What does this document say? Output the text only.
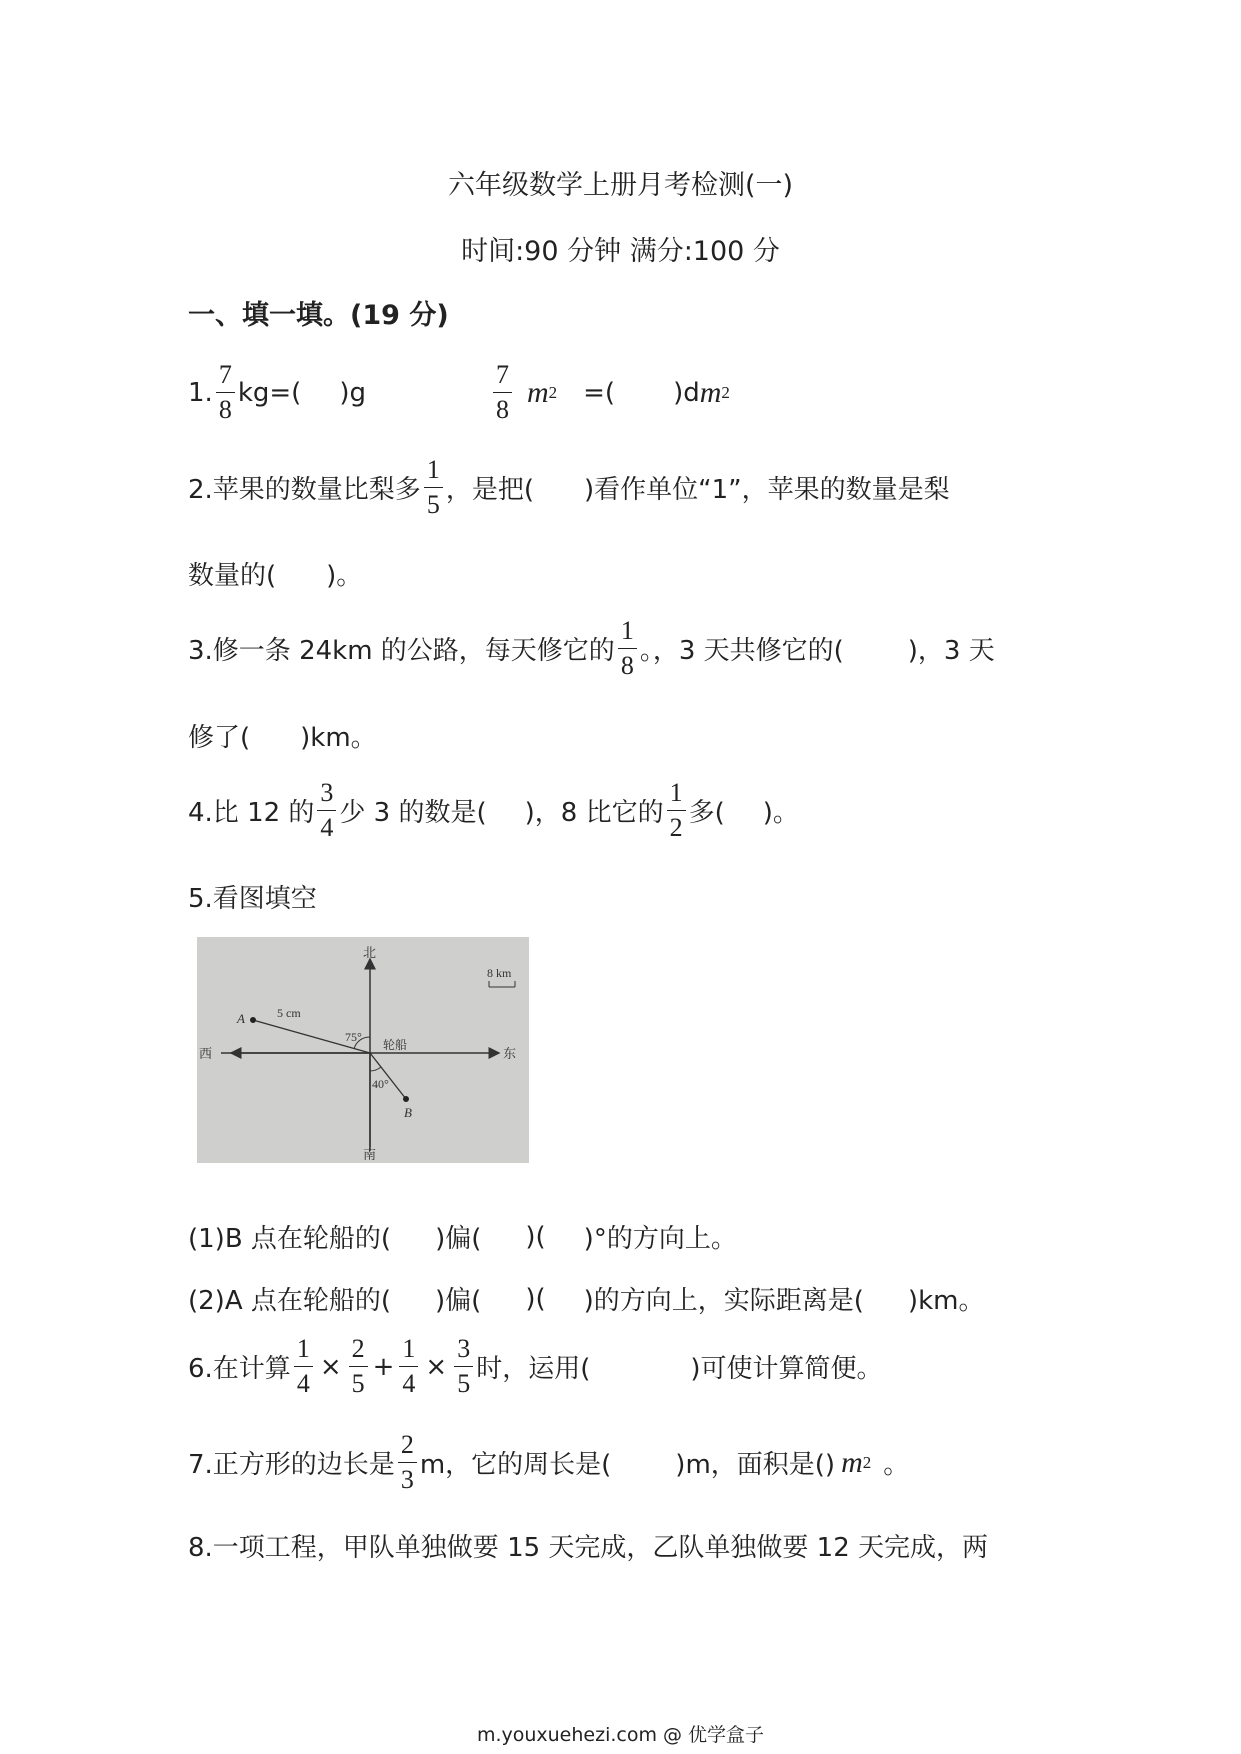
六年级数学上册月考检测(一)
时间:90 分钟 满分:100 分
一、填一填。(19 分)
1. $\frac{7}{8} kg=$( )g	$\frac{7}{8}$ m 2 =( )d m 2
2.苹果的数量比梨多 $\frac{1}{5}$ ，是把( )看作单位“1”，苹果的数量是梨
数量的( )。
3.修一条 24km 的公路，每天修它的 $\frac{1}{8}$ 。，3 天共修它的( )，3 天
修了( )km。
4.比 12 的 $\frac{3}{4}$ 少 3 的数是( )，8 比它的 $\frac{1}{2}$ 多( )。
5.看图填空
北
南
东
西
8 km
A
B
5 cm
75°
40°
轮船
(1)B 点在轮船的( )偏( )( )°的方向上。
(2)A 点在轮船的( )偏( )( )的方向上，实际距离是( )km。
6.在计算 $\frac{1}{4} \times \frac{2}{5} + \frac{1}{4} \times \frac{3}{5}$ 时，运用(	)可使计算简便。
7.正方形的边长是 $\frac{2}{3}$ m，它的周长是( )m，面积是() m 2 。
8.一项工程，甲队单独做要 15 天完成，乙队单独做要 12 天完成，两
m.youxuehezi.com @ 优学盒子
